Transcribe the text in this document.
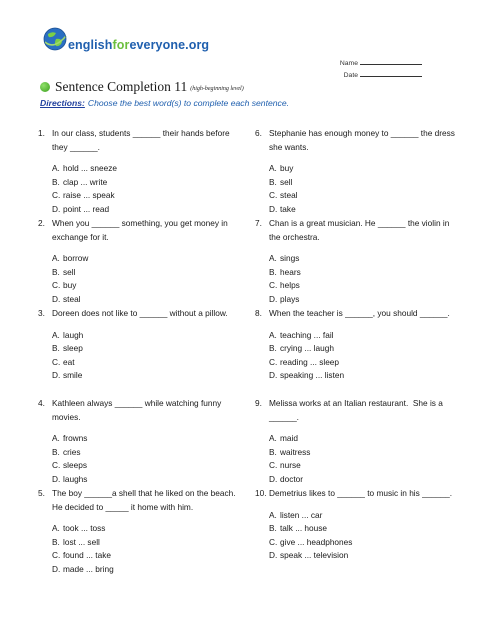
englishforeveryone.org
Name
Date
Sentence Completion 11 (high-beginning level)
Directions: Choose the best word(s) to complete each sentence.
1. In our class, students ______ their hands before they ______.
A. hold ... sneeze
B. clap ... write
C. raise ... speak
D. point ... read
2. When you ______ something, you get money in exchange for it.
A. borrow
B. sell
C. buy
D. steal
3. Doreen does not like to ______ without a pillow.
A. laugh
B. sleep
C. eat
D. smile
4. Kathleen always ______ while watching funny movies.
A. frowns
B. cries
C. sleeps
D. laughs
5. The boy ______a shell that he liked on the beach. He decided to _____ it home with him.
A. took ... toss
B. lost ... sell
C. found ... take
D. made ... bring
6. Stephanie has enough money to ______ the dress she wants.
A. buy
B. sell
C. steal
D. take
7. Chan is a great musician. He ______ the violin in the orchestra.
A. sings
B. hears
C. helps
D. plays
8. When the teacher is ______, you should ______.
A. teaching ... fail
B. crying ... laugh
C. reading ... sleep
D. speaking ... listen
9. Melissa works at an Italian restaurant.  She is a ______.
A. maid
B. waitress
C. nurse
D. doctor
10. Demetrius likes to ______ to music in his ______.
A. listen ... car
B. talk ... house
C. give ... headphones
D. speak ... television
